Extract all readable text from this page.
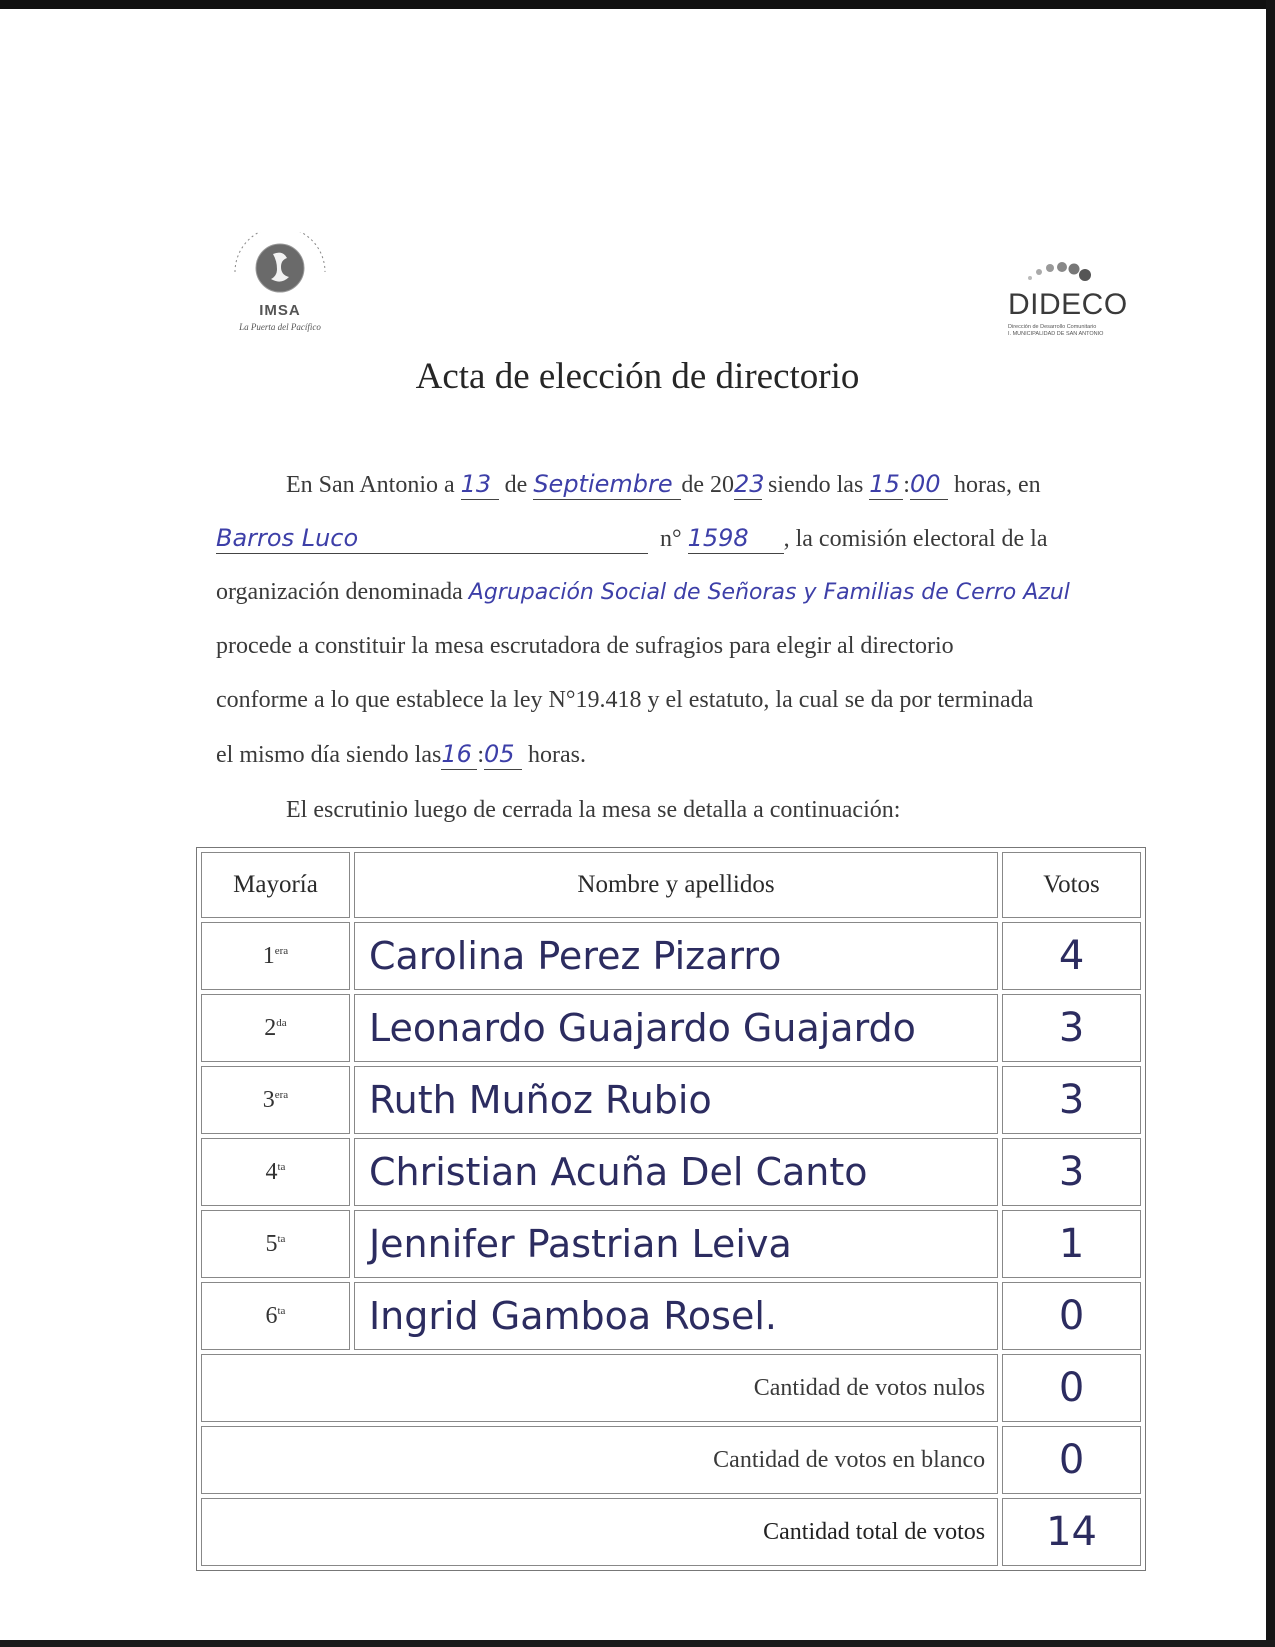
IMSA
La Puerta del Pacífico
DIDECO
Dirección de Desarrollo Comunitario
I. MUNICIPALIDAD DE SAN ANTONIO
Acta de elección de directorio
En San Antonio a 13 de Septiembre de 2023 siendo las 15 :00 horas, en
Barros Luco	n° 1598 , la comisión electoral de la
organización denominada Agrupación Social de Señoras y Familias de Cerro Azul
procede a constituir la mesa escrutadora de sufragios para elegir al directorio
conforme a lo que establece la ley N°19.418 y el estatuto, la cual se da por terminada
el mismo día siendo las16 :05 horas.
El escrutinio luego de cerrada la mesa se detalla a continuación:
Mayoría	Nombre y apellidos	Votos
$1^{era}$	Carolina Perez Pizarro	4
$2^{da}$	Leonardo Guajardo Guajardo	3
$3^{era}$	Ruth Muñoz Rubio	3
$4^{ta}$	Christian Acuña Del Canto	3
$5^{ta}$	Jennifer Pastrian Leiva	1
$6^{ta}$	Ingrid Gamboa Rosel.	0
Cantidad de votos nulos		0
Cantidad de votos en blanco		0
Cantidad total de votos		14
